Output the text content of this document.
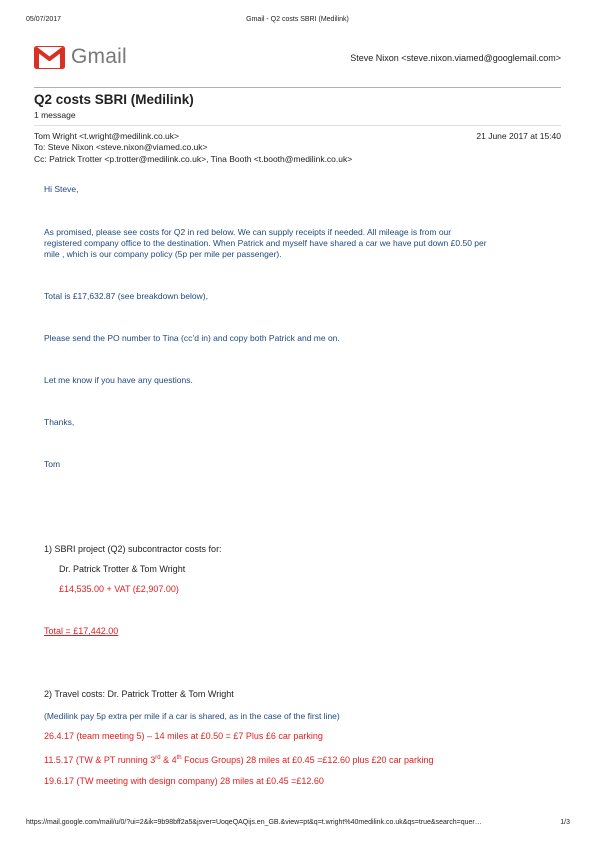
05/07/2017	Gmail - Q2 costs SBRI (Medilink)
Gmail	Steve Nixon <steve.nixon.viamed@googlemail.com>
Q2 costs SBRI (Medilink)
1 message
Tom Wright <t.wright@medilink.co.uk>	21 June 2017 at 15:40
To: Steve Nixon <steve.nixon@viamed.co.uk>
Cc: Patrick Trotter <p.trotter@medilink.co.uk>, Tina Booth <t.booth@medilink.co.uk>
Hi Steve,
As promised, please see costs for Q2 in red below. We can supply receipts if needed. All mileage is from our
registered company office to the destination. When Patrick and myself have shared a car we have put down £0.50 per
mile , which is our company policy (5p per mile per passenger).
Total is £17,632.87 (see breakdown below),
Please send the PO number to Tina (cc’d in) and copy both Patrick and me on.
Let me know if you have any questions.
Thanks,
Tom
1) SBRI project (Q2) subcontractor costs for:
Dr. Patrick Trotter & Tom Wright
£14,535.00 + VAT (£2,907.00)
Total = £17,442.00
2) Travel costs: Dr. Patrick Trotter & Tom Wright
(Medilink pay 5p extra per mile if a car is shared, as in the case of the first line)
26.4.17 (team meeting 5) – 14 miles at £0.50 = £7 Plus £6 car parking
11.5.17 (TW & PT running 3rd & 4th Focus Groups) 28 miles at £0.45 =£12.60 plus £20 car parking
19.6.17 (TW meeting with design company) 28 miles at £0.45 =£12.60
https://mail.google.com/mail/u/0/?ui=2&ik=9b98bff2a5&jsver=UoqeQAQijs.en_GB.&view=pt&q=t.wright%40medilink.co.uk&qs=true&search=quer…	1/3
